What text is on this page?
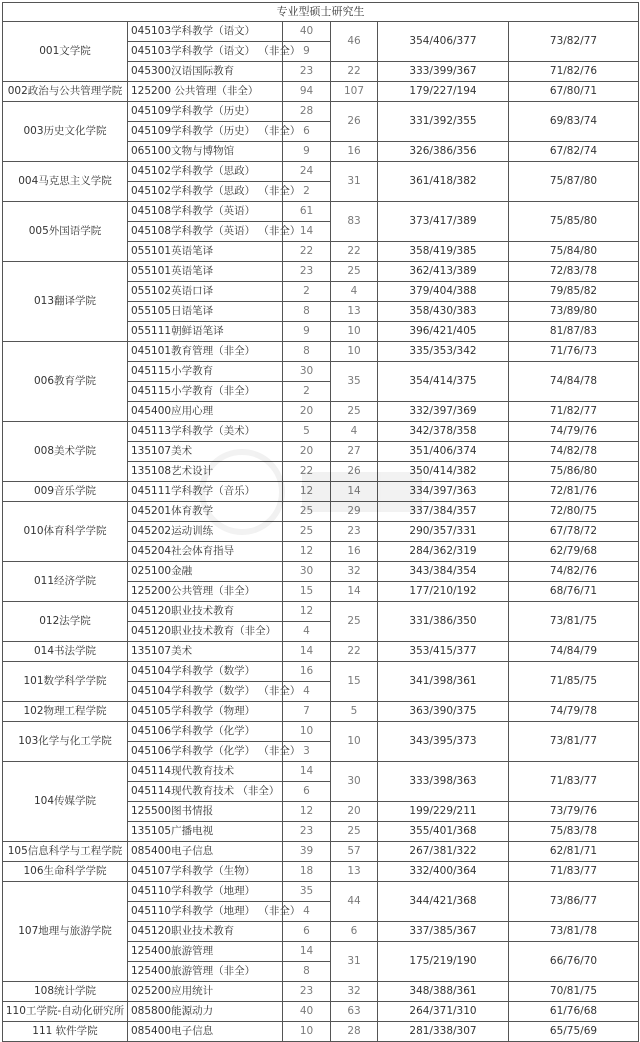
专业型硕士研究生					
001文学院	045103学科教学（语文）	40	46	354/406/377	73/82/77
	045103学科教学（语文） （非全）	9			
	045300汉语国际教育	23	22	333/399/367	71/82/76
002政治与公共管理学院	125200 公共管理（非全）	94	107	179/227/194	67/80/71
003历史文化学院	045109学科教学（历史）	28	26	331/392/355	69/83/74
	045109学科教学（历史） （非全）	6			
	065100文物与博物馆	9	16	326/386/356	67/82/74
004马克思主义学院	045102学科教学（思政）	24	31	361/418/382	75/87/80
	045102学科教学（思政） （非全）	2			
005外国语学院	045108学科教学（英语）	61	83	373/417/389	75/85/80
	045108学科教学（英语） （非全）	14			
	055101英语笔译	22	22	358/419/385	75/84/80
013翻译学院	055101英语笔译	23	25	362/413/389	72/83/78
	055102英语口译	2	4	379/404/388	79/85/82
	055105日语笔译	8	13	358/430/383	73/89/80
	055111朝鲜语笔译	9	10	396/421/405	81/87/83
006教育学院	045101教育管理（非全）	8	10	335/353/342	71/76/73
	045115小学教育	30	35	354/414/375	74/84/78
	045115小学教育（非全）	2			
	045400应用心理	20	25	332/397/369	71/82/77
008美术学院	045113学科教学（美术）	5	4	342/378/358	74/79/76
	135107美术	20	27	351/406/374	74/82/78
	135108艺术设计	22	26	350/414/382	75/86/80
009音乐学院	045111学科教学（音乐）	12	14	334/397/363	72/81/76
010体育科学学院	045201体育教学	25	29	337/384/357	72/80/75
	045202运动训练	25	23	290/357/331	67/78/72
	045204社会体育指导	12	16	284/362/319	62/79/68
011经济学院	025100金融	30	32	343/384/354	74/82/76
	125200公共管理（非全）	15	14	177/210/192	68/76/71
012法学院	045120职业技术教育	12	25	331/386/350	73/81/75
	045120职业技术教育（非全）	4			
014书法学院	135107美术	14	22	353/415/377	74/84/79
101数学科学学院	045104学科教学（数学）	16	15	341/398/361	71/85/75
	045104学科教学（数学） （非全）	4			
102物理工程学院	045105学科教学（物理）	7	5	363/390/375	74/79/78
103化学与化工学院	045106学科教学（化学）	10	10	343/395/373	73/81/77
	045106学科教学（化学） （非全）	3			
104传媒学院	045114现代教育技术	14	30	333/398/363	71/83/77
	045114现代教育技术 （非全）	6			
	125500图书情报	12	20	199/229/211	73/79/76
	135105广播电视	23	25	355/401/368	75/83/78
105信息科学与工程学院	085400电子信息	39	57	267/381/322	62/81/71
106生命科学学院	045107学科教学（生物）	18	13	332/400/364	71/83/77
107地理与旅游学院	045110学科教学（地理）	35	44	344/421/368	73/86/77
	045110学科教学（地理） （非全）	4			
	045120职业技术教育	6	6	337/385/367	73/81/78
	125400旅游管理	14	31	175/219/190	66/76/70
	125400旅游管理（非全）	8			
108统计学院	025200应用统计	23	32	348/388/361	70/81/75
110工学院-自动化研究所	085800能源动力	40	63	264/371/310	61/76/68
111 软件学院	085400电子信息	10	28	281/338/307	65/75/69
